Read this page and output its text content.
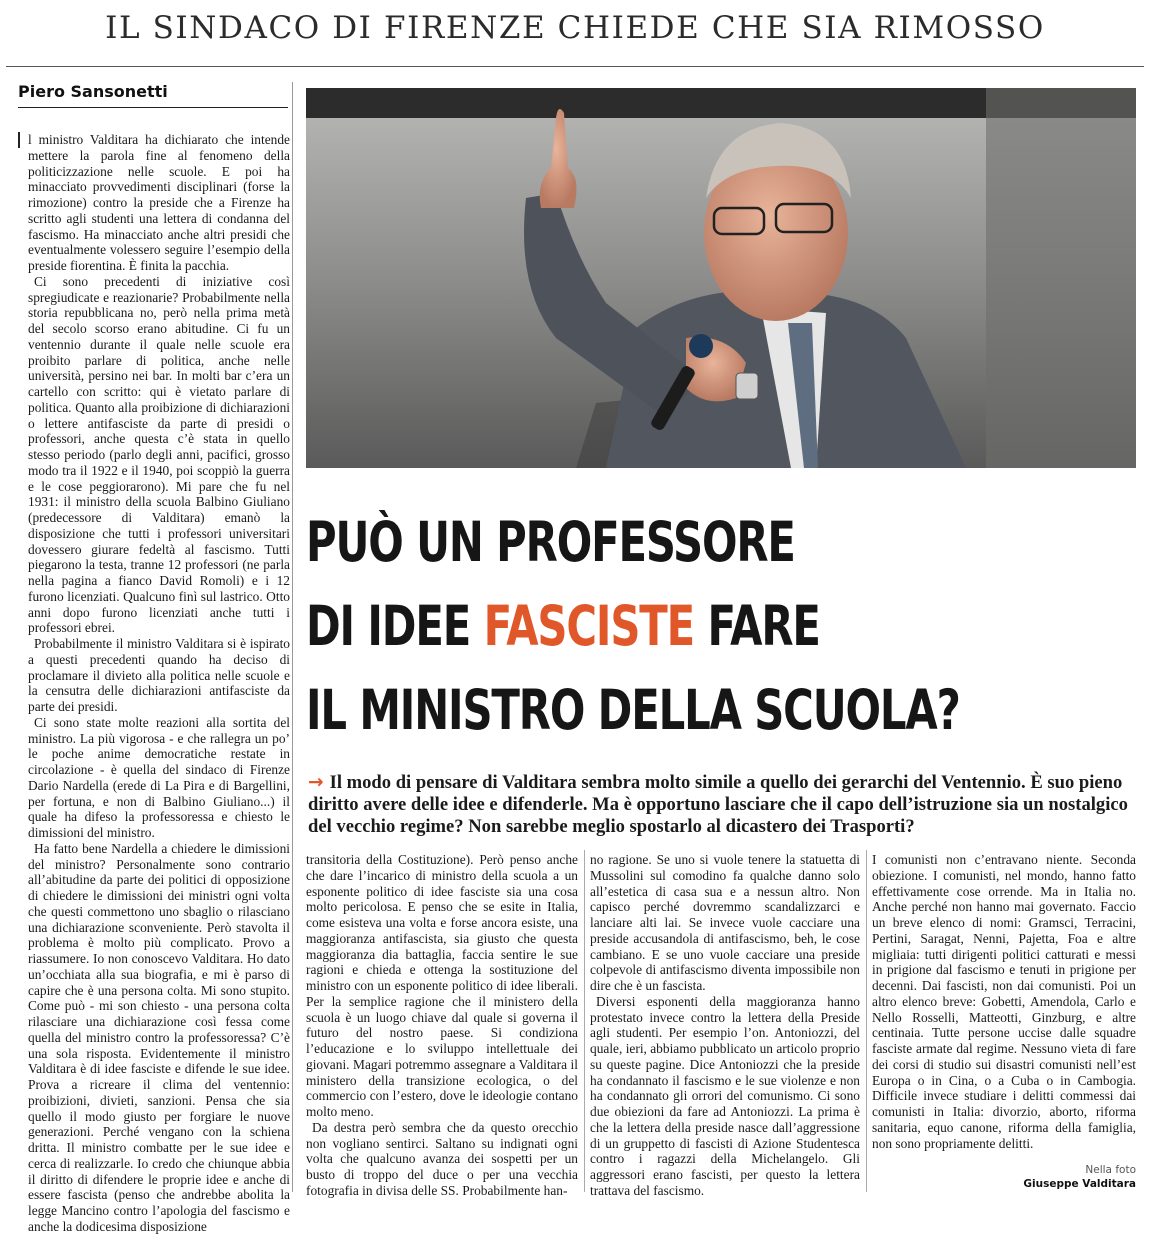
IL SINDACO DI FIRENZE CHIEDE CHE SIA RIMOSSO
Piero Sansonetti

l ministro Valditara ha dichiarato che intende mettere la parola fine al fenomeno della politicizzazione nelle scuole. E poi ha minacciato provvedimenti disciplinari (forse la rimozione) contro la preside che a Firenze ha scritto agli studenti una lettera di condanna del fascismo. Ha minacciato anche altri presidi che eventualmente volessero seguire l’esempio della preside fiorentina. È finita la pacchia.

Ci sono precedenti di iniziative così spregiudicate e reazionarie? Probabilmente nella storia repubblicana no, però nella prima metà del secolo scorso erano abitudine. Ci fu un ventennio durante il quale nelle scuole era proibito parlare di politica, anche nelle università, persino nei bar. In molti bar c’era un cartello con scritto: qui è vietato parlare di politica. Quanto alla proibizione di dichiarazioni o lettere antifasciste da parte di presidi o professori, anche questa c’è stata in quello stesso periodo (parlo degli anni, pacifici, grosso modo tra il 1922 e il 1940, poi scoppiò la guerra e le cose peggiorarono). Mi pare che fu nel 1931: il ministro della scuola Balbino Giuliano (predecessore di Valditara) emanò la disposizione che tutti i professori universitari dovessero giurare fedeltà al fascismo. Tutti piegarono la testa, tranne 12 professori (ne parla nella pagina a fianco David Romoli) e i 12 furono licenziati. Qualcuno finì sul lastrico. Otto anni dopo furono licenziati anche tutti i professori ebrei.

Probabilmente il ministro Valditara si è ispirato a questi precedenti quando ha deciso di proclamare il divieto alla politica nelle scuole e la censutra delle dichiarazioni antifasciste da parte dei presidi.

Ci sono state molte reazioni alla sortita del ministro. La più vigorosa - e che rallegra un po’ le poche anime democratiche restate in circolazione - è quella del sindaco di Firenze Dario Nardella (erede di La Pira e di Bargellini, per fortuna, e non di Balbino Giuliano...) il quale ha difeso la professoressa e chiesto le dimissioni del ministro.

Ha fatto bene Nardella a chiedere le dimissioni del ministro? Personalmente sono contrario all’abitudine da parte dei politici di opposizione di chiedere le dimissioni dei ministri ogni volta che questi commettono uno sbaglio o rilasciano una dichiarazione sconveniente. Però stavolta il problema è molto più complicato. Provo a riassumere. Io non conoscevo Valditara. Ho dato un’occhiata alla sua biografia, e mi è parso di capire che è una persona colta. Mi sono stupito. Come può - mi son chiesto - una persona colta rilasciare una dichiarazione così fessa come quella del ministro contro la professoressa? C’è una sola risposta. Evidentemente il ministro Valditara è di idee fasciste e difende le sue idee. Prova a ricreare il clima del ventennio: proibizioni, divieti, sanzioni. Pensa che sia quello il modo giusto per forgiare le nuove generazioni. Perché vengano con la schiena dritta. Il ministro combatte per le sue idee e cerca di realizzarle. Io credo che chiunque abbia il diritto di difendere le proprie idee e anche di essere fascista (penso che andrebbe abolita la legge Mancino contro l’apologia del fascismo e anche la dodicesima disposizione

PUÒ UN PROFESSORE
DI IDEE FASCISTE FARE
IL MINISTRO DELLA SCUOLA?
→ Il modo di pensare di Valditara sembra molto simile a quello dei gerarchi del Ventennio. È suo pieno diritto avere delle idee e difenderle. Ma è opportuno lasciare che il capo dell’istruzione sia un nostalgico del vecchio regime? Non sarebbe meglio spostarlo al dicastero dei Trasporti?

transitoria della Costituzione). Però penso anche che dare l’incarico di ministro della scuola a un esponente politico di idee fasciste sia una cosa molto pericolosa. E penso che se esite in Italia, come esisteva una volta e forse ancora esiste, una maggioranza antifascista, sia giusto che questa maggioranza dia battaglia, faccia sentire le sue ragioni e chieda e ottenga la sostituzione del ministro con un esponente politico di idee liberali. Per la semplice ragione che il ministero della scuola è un luogo chiave dal quale si governa il futuro del nostro paese. Si condiziona l’educazione e lo sviluppo intellettuale dei giovani. Magari potremmo assegnare a Valditara il ministero della transizione ecologica, o del commercio con l’estero, dove le ideologie contano molto meno.

Da destra però sembra che da questo orecchio non vogliano sentirci. Saltano su indignati ogni volta che qualcuno avanza dei sospetti per un busto di troppo del duce o per una vecchia fotografia in divisa delle SS. Probabilmente han-

no ragione. Se uno si vuole tenere la statuetta di Mussolini sul comodino fa qualche danno solo all’estetica di casa sua e a nessun altro. Non capisco perché dovremmo scandalizzarci e lanciare alti lai. Se invece vuole cacciare una preside accusandola di antifascismo, beh, le cose cambiano. E se uno vuole cacciare una preside colpevole di antifascismo diventa impossibile non dire che è un fascista.

Diversi esponenti della maggioranza hanno protestato invece contro la lettera della Preside agli studenti. Per esempio l’on. Antoniozzi, del quale, ieri, abbiamo pubblicato un articolo proprio su queste pagine. Dice Antoniozzi che la preside ha condannato il fascismo e le sue violenze e non ha condannato gli orrori del comunismo. Ci sono due obiezioni da fare ad Antoniozzi. La prima è che la lettera della preside nasce dall’aggressione di un gruppetto di fascisti di Azione Studentesca contro i ragazzi della Michelangelo. Gli aggressori erano fascisti, per questo la lettera trattava del fascismo.

I comunisti non c’entravano niente. Seconda obiezione. I comunisti, nel mondo, hanno fatto effettivamente cose orrende. Ma in Italia no. Anche perché non hanno mai governato. Faccio un breve elenco di nomi: Gramsci, Terracini, Pertini, Saragat, Nenni, Pajetta, Foa e altre migliaia: tutti dirigenti politici catturati e messi in prigione dal fascismo e tenuti in prigione per decenni. Dai fascisti, non dai comunisti. Poi un altro elenco breve: Gobetti, Amendola, Carlo e Nello Rosselli, Matteotti, Ginzburg, e altre centinaia. Tutte persone uccise dalle squadre fasciste armate dal regime. Nessuno vieta di fare dei corsi di studio sui disastri comunisti nell’est Europa o in Cina, o a Cuba o in Cambogia. Difficile invece studiare i delitti commessi dai comunisti in Italia: divorzio, aborto, riforma sanitaria, equo canone, riforma della famiglia, non sono propriamente delitti.

Nella foto
Giuseppe Valditara
